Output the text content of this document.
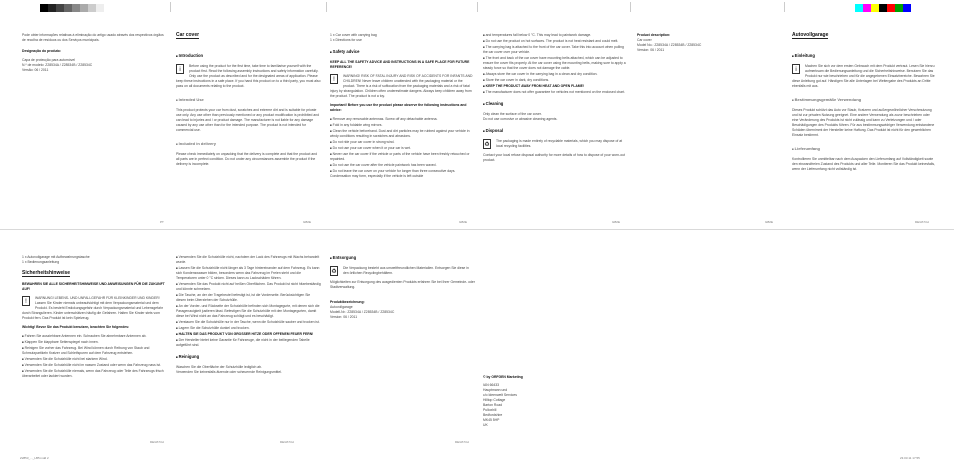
Pode obter informações relativas à eliminação do artigo usado através dos respectivos órgãos de recolha de resíduos ou dos Serviços municipais.

Designação do produto:

Capa de protecção para automóvel
N.º de modelo: Z28534A / Z28534B / Z28534C
Versão: 06 / 2011
PT
Car cover
■ Introduction
i

Before using the product for the first time, take time to familiarise yourself with the product first. Read the following assembly instructions and safety information carefully. Only use the product as described and for the designated areas of application. Please keep these instructions in a safe place. If you hand this product on to a third party, you must also pass on all documents relating to the product.

■ Intended Use

This product protects your car from dust, scratches and extreme dirt and is suitable for private use only. Any use other than previously mentioned or any product modification is prohibited and can lead to injuries and / or product damage. The manufacturer is not liable for any damage caused by any use other than for the intended purpose. The product is not intended for commercial use.

■ Included in delivery

Please check immediately on unpacking that the delivery is complete and that the product and all parts are in perfect condition. Do not under any circumstances assemble the product if the delivery is incomplete.

GB/IE
1 x Car cover with carrying bag
1 x Directions for use
■ Safety advice

KEEP ALL THE SAFETY ADVICE AND INSTRUCTIONS IN A SAFE PLACE FOR FUTURE REFERENCE!

!

WARNING! RISK OF FATAL INJURY AND RISK OF ACCIDENTS FOR INFANTS AND CHILDREN! Never leave children unattended with the packaging material or the product. There is a risk of suffocation from the packaging materials and a risk of fatal injury by strangulation. Children often underestimate dangers. Always keep children away from the product. The product is not a toy.

Important! Before you use the product please observe the following instructions and advice:

■ Remove any removable antennas. Screw off any detachable antenna.
■ Fold in any foldable wing mirrors.
■ Clean the vehicle beforehand. Dust and dirt particles may be rubbed against your vehicle in windy conditions resulting in scratches and abrasions.
■ Do not ride your car cover in strong wind.
■ Do not use your car cover when it or your car is wet.
■ Never use the car cover if the vehicle or parts of the vehicle have been freshly retouched or repainted.
■ Do not use the car cover after the vehicle paintwork has been waxed.
■ Do not leave the car cover on your vehicle for longer than three consecutive days. Condensation may form, especially if the vehicle is left outside
GB/IE
■ and temperatures fall below 0 °C. This may lead to paintwork damage.
■ Do not use the product on hot surfaces. The product is not heat resistant and could melt.
■ The carrying bag is attached to the front of the car cover. Take this into account when pulling the car cover over your vehicle.
■ The front and back of the car cover have mounting belts attached, which can be adjusted to ensure the cover fits properly. At the car cover using the mounting belts, making sure to apply a steady force so that the cover does not damage the cable.
■ Always store the car cover in the carrying bag in a clean and dry condition.
■ Store the car cover in dark, dry conditions.
■ KEEP THE PRODUCT AWAY FROM HEAT AND OPEN FLAME!
■ The manufacturer does not offer guarantee for vehicles not mentioned on the enclosed chart.
■ Cleaning
Only clean the surface of the car cover.
Do not use corrosive or abrasive cleaning agents.
■ Disposal
♻

The packaging is made entirely of recyclable materials, which you may dispose of at local recycling facilities.

Contact your local refuse disposal authority for more details of how to dispose of your worn-out product.

GB/IE

Product description:

Car cover
Model No.: Z28534A / Z28534B / Z28534C
Version: 06 / 2011
GB/IE
Autovollgarage
■ Einleitung
i

Machen Sie sich vor dem ersten Gebrauch mit dem Produkt vertraut. Lesen Sie hierzu aufmerksam die Bedienungsanleitung und die Sicherheitshinweise. Benutzen Sie das Produkt nur wie beschrieben und für die angegebenen Einsatzbereiche. Bewahren Sie diese Anleitung gut auf. Händigen Sie alle Unterlagen bei Weitergabe des Produkts an Dritte ebenfalls mit aus.

■ Bestimmungsgemäße Verwendung

Dieses Produkt schützt das Auto vor Staub, Kratzern und außergewöhnlicher Verschmutzung und ist zur privaten Nutzung geeignet. Eine andere Verwendung als zuvor beschrieben oder eine Veränderung des Produkts ist nicht zulässig und kann zu Verletzungen und / oder Beschädigungen des Produkts führen. Für aus bestimmungswidriger Verwendung entstandene Schäden übernimmt der Hersteller keine Haftung. Das Produkt ist nicht für den gewerblichen Einsatz bestimmt.

■ Lieferumfang

Kontrollieren Sie unmittelbar nach dem Auspacken den Lieferumfang auf Vollständigkeit sowie den einwandfreien Zustand des Produkts und aller Teile. Montieren Sie das Produkt keinesfalls, wenn der Lieferumfang nicht vollständig ist.

DE/AT/CH
1 x Autovollgarage mit Aufbewahrungstasche
1 x Bedienungsanleitung
Sicherheitshinweise

BEWAHREN SIE ALLE SICHERHEITSHINWEISE UND ANWEISUNGEN FÜR DIE ZUKUNFT AUF!

!

WARNUNG! LEBENS- UND UNFALLGEFAHR FÜR KLEINKINDER UND KINDER! Lassen Sie Kinder niemals unbeaufsichtigt mit dem Verpackungsmaterial und dem Produkt. Es besteht Erstickungsgefahr durch Verpackungsmaterial und Lebensgefahr durch Strangulieren. Kinder unterschätzen häufig die Gefahren. Halten Sie Kinder stets vom Produkt fern. Das Produkt ist kein Spielzeug.

Wichtig! Bevor Sie das Produkt benutzen, beachten Sie folgendes:

■ Fahren Sie ausziehbare Antennen ein. Schrauben Sie abnehmbare Antennen ab.
■ Klappen Sie klappbare Seitenspiegel nach innen.
■ Reinigen Sie vorher das Fahrzeug. Bei Wind können durch Reibung von Staub und Schmutzpartikeln Kratzer und Schleifspuren auf dem Fahrzeug entstehen.
■ Verwenden Sie die Schutzhülle nicht bei starkem Wind.
■ Verwenden Sie die Schutzhülle nicht im nassen Zustand oder wenn das Fahrzeug nass ist.
■ Verwenden Sie die Schutzhülle niemals, wenn das Fahrzeug oder Teile des Fahrzeugs frisch überarbeitet oder lackiert wurden.
DE/AT/CH
■ Verwenden Sie die Schutzhülle nicht, nachdem der Lack des Fahrzeugs mit Wachs behandelt wurde.
■ Lassen Sie die Schutzhülle nicht länger als 3 Tage hintereinander auf dem Fahrzeug. Es kann sich Kondenswasser bilden, besonders wenn das Fahrzeug im Freien steht und die Temperaturen unter 0 °C sinken. Dieses kann zu Lackschäden führen.
■ Verwenden Sie das Produkt nicht auf heißen Oberflächen. Das Produkt ist nicht hitzebeständig und könnte schmelzen.
■ Die Tasche, an der der Tragebeutel befestigt ist, ist die Vorderseite. Berücksichtigen Sie diesen beim Überziehen der Schutzhülle.
■ An der Vorder- und Rückseite der Schutzhülle befinden sich Montagegurte, mit denen sich die Passgenauigkeit justieren lässt. Befestigen Sie die Schutzhülle mit den Montagegurten, damit diese bei Wind nicht an das Fahrzeug schlägt und es beschädigt.
■ Verstauen Sie die Schutzhülle nur in der Tasche, wenn die Schutzhülle sauber und trocken ist.
■ Lagern Sie die Schutzhülle dunkel und trocken.
■ HALTEN SIE DAS PRODUKT VON GROSSER HITZE ODER OFFENEM FEUER FERN!
■ Der Hersteller bietet keine Garantie für Fahrzeuge, die nicht in der beiliegenden Tabelle aufgeführt sind.
■ Reinigung
Waschen Sie die Oberfläche der Schutzhülle lediglich ab.
Verwenden Sie keinesfalls ätzende oder scheuernde Reinigungsmittel.
DE/AT/CH
■ Entsorgung
♻

Die Verpackung besteht aus umweltfreundlichen Materialien. Entsorgen Sie diese in den örtlichen Recyclingbehältern.

Möglichkeiten zur Entsorgung des ausgedienten Produkts erfahren Sie bei Ihrer Gemeinde- oder Stadtverwaltung.

Produktbezeichnung:

Autovollgarage
Modell-Nr.: Z28534A / Z28534B / Z28534C
Version: 06 / 2011
DE/AT/CH
© by ORFGEN Marketing
IAN 66433
Hauptmann und
c/o Ideenwelt Services
Hilltop Cottage
Barton Road
Pulloxhill
Bedfordshire
MK45 5HP
UK
Z2853_..._LB5.indd 2	23.03.11 17:55
